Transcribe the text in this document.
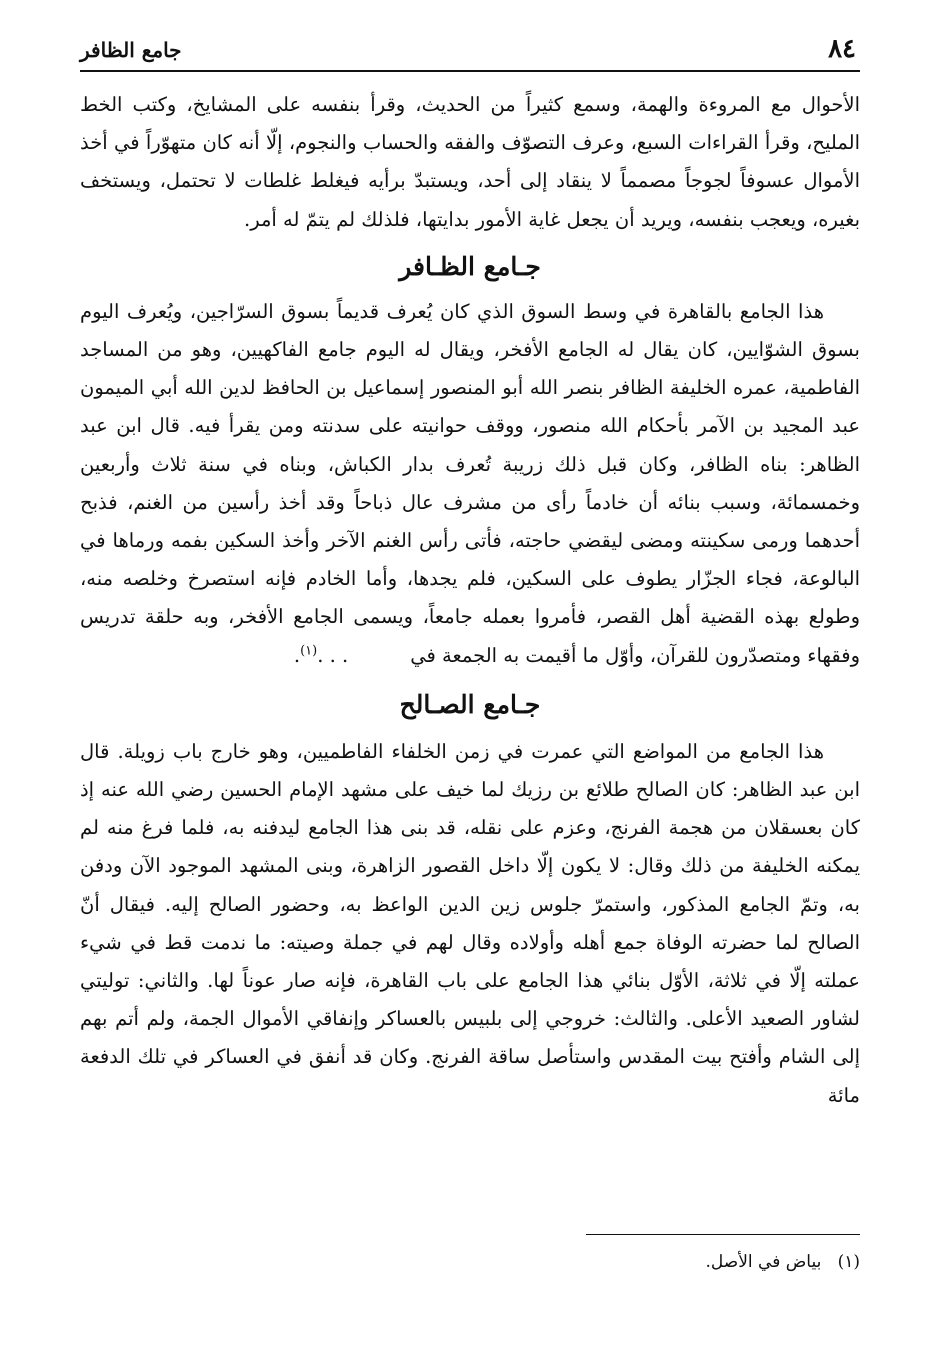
٨٤
جامع الظافر

الأحوال مع المروءة والهمة، وسمع كثيراً من الحديث، وقرأ بنفسه على المشايخ، وكتب الخط المليح، وقرأ القراءات السبع، وعرف التصوّف والفقه والحساب والنجوم، إلّا أنه كان متهوّراً في أخذ الأموال عسوفاً لجوجاً مصمماً لا ينقاد إلى أحد، ويستبدّ برأيه فيغلط غلطات لا تحتمل، ويستخف بغيره، ويعجب بنفسه، ويريد أن يجعل غاية الأمور بدايتها، فلذلك لم يتمّ له أمر.

جـامع الظـافر

هذا الجامع بالقاهرة في وسط السوق الذي كان يُعرف قديماً بسوق السرّاجين، ويُعرف اليوم بسوق الشوّايين، كان يقال له الجامع الأفخر، ويقال له اليوم جامع الفاكهيين، وهو من المساجد الفاطمية، عمره الخليفة الظافر بنصر الله أبو المنصور إسماعيل بن الحافظ لدين الله أبي الميمون عبد المجيد بن الآمر بأحكام الله منصور، ووقف حوانيته على سدنته ومن يقرأ فيه. قال ابن عبد الظاهر: بناه الظافر، وكان قبل ذلك زريبة تُعرف بدار الكباش، وبناه في سنة ثلاث وأربعين وخمسمائة، وسبب بنائه أن خادماً رأى من مشرف عال ذباحاً وقد أخذ رأسين من الغنم، فذبح أحدهما ورمى سكينته ومضى ليقضي حاجته، فأتى رأس الغنم الآخر وأخذ السكين بفمه ورماها في البالوعة، فجاء الجزّار يطوف على السكين، فلم يجدها، وأما الخادم فإنه استصرخ وخلصه منه، وطولع بهذه القضية أهل القصر، فأمروا بعمله جامعاً، ويسمى الجامع الأفخر، وبه حلقة تدريس وفقهاء ومتصدّرون للقرآن، وأوّل ما أقيمت به الجمعة في          . . .$^{(١)}$.

جـامع الصـالح

هذا الجامع من المواضع التي عمرت في زمن الخلفاء الفاطميين، وهو خارج باب زويلة. قال ابن عبد الظاهر: كان الصالح طلائع بن رزيك لما خيف على مشهد الإمام الحسين رضي الله عنه إذ كان بعسقلان من هجمة الفرنج، وعزم على نقله، قد بنى هذا الجامع ليدفنه به، فلما فرغ منه لم يمكنه الخليفة من ذلك وقال: لا يكون إلّا داخل القصور الزاهرة، وبنى المشهد الموجود الآن ودفن به، وتمّ الجامع المذكور، واستمرّ جلوس زين الدين الواعظ به، وحضور الصالح إليه. فيقال أنّ الصالح لما حضرته الوفاة جمع أهله وأولاده وقال لهم في جملة وصيته: ما ندمت قط في شيء عملته إلّا في ثلاثة، الأوّل بنائي هذا الجامع على باب القاهرة، فإنه صار عوناً لها. والثاني: توليتي لشاور الصعيد الأعلى. والثالث: خروجي إلى بلبيس بالعساكر وإنفاقي الأموال الجمة، ولم أتم بهم إلى الشام وأفتح بيت المقدس واستأصل ساقة الفرنج. وكان قد أنفق في العساكر في تلك الدفعة مائة

(١)   بياض في الأصل.
